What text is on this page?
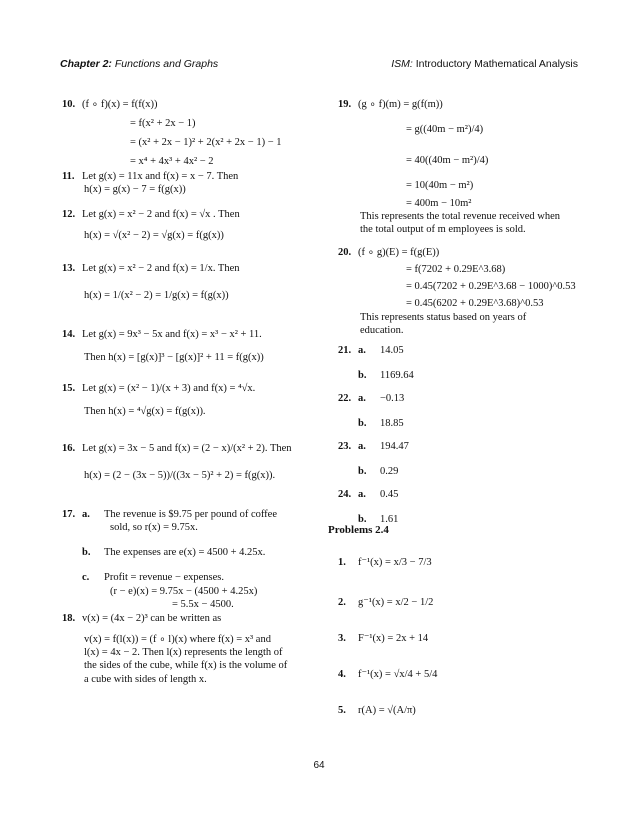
Chapter 2: Functions and Graphs	ISM: Introductory Mathematical Analysis
10. (f ∘ f)(x) = f(f(x))
= f(x² + 2x − 1)
= (x² + 2x − 1)² + 2(x² + 2x − 1) − 1
= x⁴ + 4x³ + 4x² − 2
11. Let g(x) = 11x and f(x) = x − 7. Then
h(x) = g(x) − 7 = f(g(x))
12. Let g(x) = x² − 2 and f(x) = √x . Then
h(x) = √(x² − 2) = √g(x) = f(g(x))
13. Let g(x) = x² − 2 and f(x) = 1/x. Then
h(x) = 1/(x² − 2) = 1/g(x) = f(g(x))
14. Let g(x) = 9x³ − 5x and f(x) = x³ − x² + 11.
Then h(x) = [g(x)]³ − [g(x)]² + 11 = f(g(x))
15. Let g(x) = (x² − 1)/(x + 3) and f(x) = ⁴√x.
Then h(x) = ⁴√g(x) = f(g(x)).
16. Let g(x) = 3x − 5 and f(x) = (2 − x)/(x² + 2). Then
h(x) = (2 − (3x − 5))/((3x − 5)² + 2) = f(g(x)).
17. a. The revenue is $9.75 per pound of coffee
sold, so r(x) = 9.75x.
b. The expenses are e(x) = 4500 + 4.25x.
c. Profit = revenue − expenses.
(r − e)(x) = 9.75x − (4500 + 4.25x)
= 5.5x − 4500.
18. v(x) = (4x − 2)³ can be written as
v(x) = f(l(x)) = (f ∘ l)(x) where f(x) = x³ and
l(x) = 4x − 2. Then l(x) represents the length of
the sides of the cube, while f(x) is the volume of
a cube with sides of length x.
19. (g ∘ f)(m) = g(f(m))
= g((40m − m²)/4)
= 40((40m − m²)/4)
= 10(40m − m²)
= 400m − 10m²
This represents the total revenue received when
the total output of m employees is sold.
20. (f ∘ g)(E) = f(g(E))
= f(7202 + 0.29E^3.68)
= 0.45(7202 + 0.29E^3.68 − 1000)^0.53
= 0.45(6202 + 0.29E^3.68)^0.53
This represents status based on years of
education.
21. a. 14.05
b. 1169.64
22. a. −0.13
b. 18.85
23. a. 194.47
b. 0.29
24. a. 0.45
b. 1.61
Problems 2.4
1. f⁻¹(x) = x/3 − 7/3
2. g⁻¹(x) = x/2 − 1/2
3. F⁻¹(x) = 2x + 14
4. f⁻¹(x) = √x/4 + 5/4
5. r(A) = √(A/π)
64
